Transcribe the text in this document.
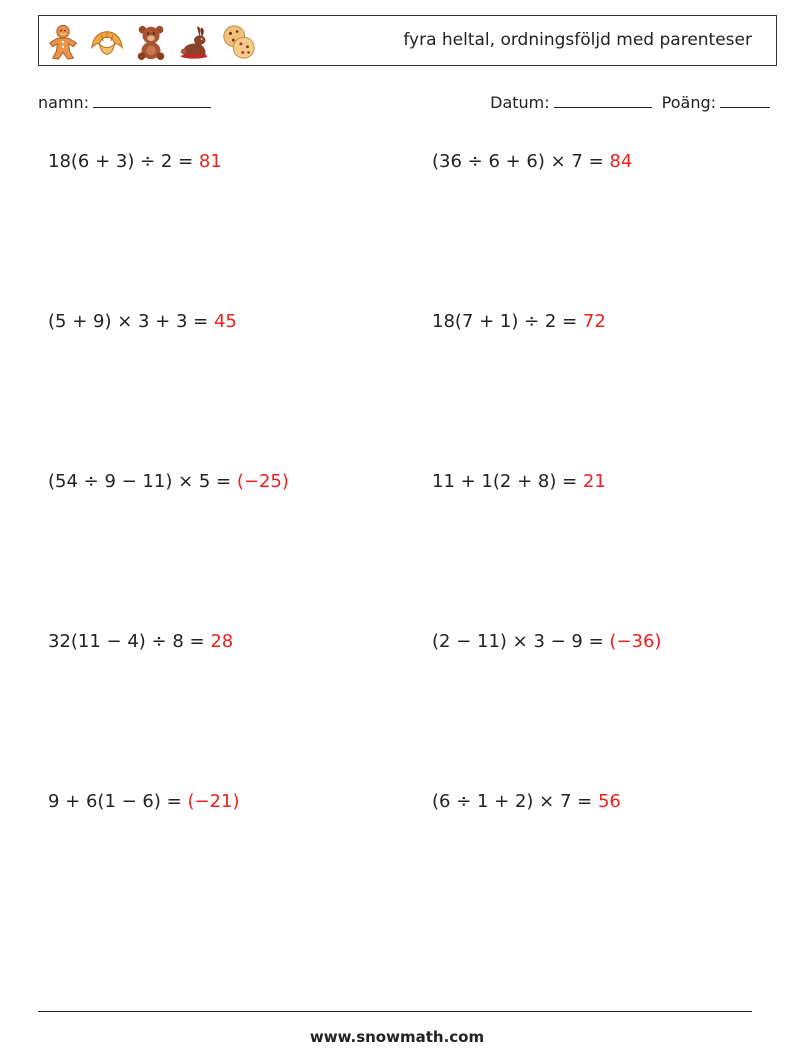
fyra heltal, ordningsföljd med parenteser
namn:	Datum:	Poäng:
18(6 + 3) ÷ 2 = 81	(36 ÷ 6 + 6) × 7 = 84
(5 + 9) × 3 + 3 = 45	18(7 + 1) ÷ 2 = 72
(54 ÷ 9 − 11) × 5 = (−25)	11 + 1(2 + 8) = 21
32(11 − 4) ÷ 8 = 28	(2 − 11) × 3 − 9 = (−36)
9 + 6(1 − 6) = (−21)	(6 ÷ 1 + 2) × 7 = 56
www.snowmath.com
